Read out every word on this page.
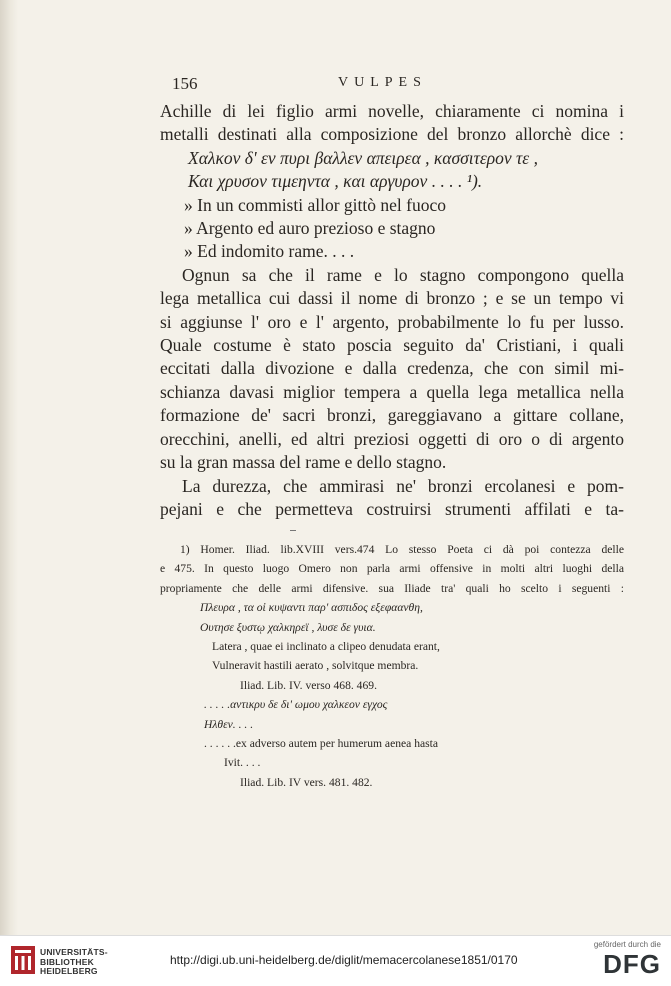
156	VULPES
Achille di lei figlio armi novelle, chiaramente ci nomina i
metalli destinati alla composizione del bronzo allorchè dice :
Χαλκον δ' εν πυρι βαλλεν απειρεα , κασσιτερον τε ,
Και χρυσον τιμεηντα , και αργυρον . . . . ¹).
» In un commisti allor gittò nel fuoco
» Argento ed auro prezioso e stagno
» Ed indomito rame. . . .
Ognun sa che il rame e lo stagno compongono quella
lega metallica cui dassi il nome di bronzo ; e se un tempo vi
si aggiunse l' oro e l' argento, probabilmente lo fu per lusso.
Quale costume è stato poscia seguito da' Cristiani, i quali
eccitati dalla divozione e dalla credenza, che con simil mi-
schianza davasi miglior tempera a quella lega metallica nella
formazione de' sacri bronzi, gareggiavano a gittare collane,
orecchini, anelli, ed altri preziosi oggetti di oro o di argento
su la gran massa del rame e dello stagno.
La durezza, che ammirasi ne' bronzi ercolanesi e pom-
pejani e che permetteva costruirsi strumenti affilati e ta-
1) Homer. Iliad. lib.XVIII vers.474 Lo stesso Poeta ci dà poi contezza delle
e 475. In questo luogo Omero non parla armi offensive in molti altri luoghi della
propriamente che delle armi difensive. sua Iliade tra' quali ho scelto i seguenti :
Πλευρα , τα οἱ κυψαντι παρ' ασπιδος εξεφαανθη,
Ουτησε ξυστῳ χαλκηρεϊ , λυσε δε γυια.
Latera , quae ei inclinato a clipeo denudata erant,
Vulneravit hastili aerato , solvitque membra.
Iliad. Lib. IV. verso 468. 469.
. . . . .αντικρυ δε δι' ωμου χαλκεον εγχος
Ηλθεν. . . .
. . . . . .ex adverso autem per humerum aenea hasta
Ivit. . . .
Iliad. Lib. IV vers. 481. 482.
UNIVERSITÄTS-
BIBLIOTHEK
HEIDELBERG
http://digi.ub.uni-heidelberg.de/diglit/memacercolanese1851/0170
gefördert durch die
DFG
